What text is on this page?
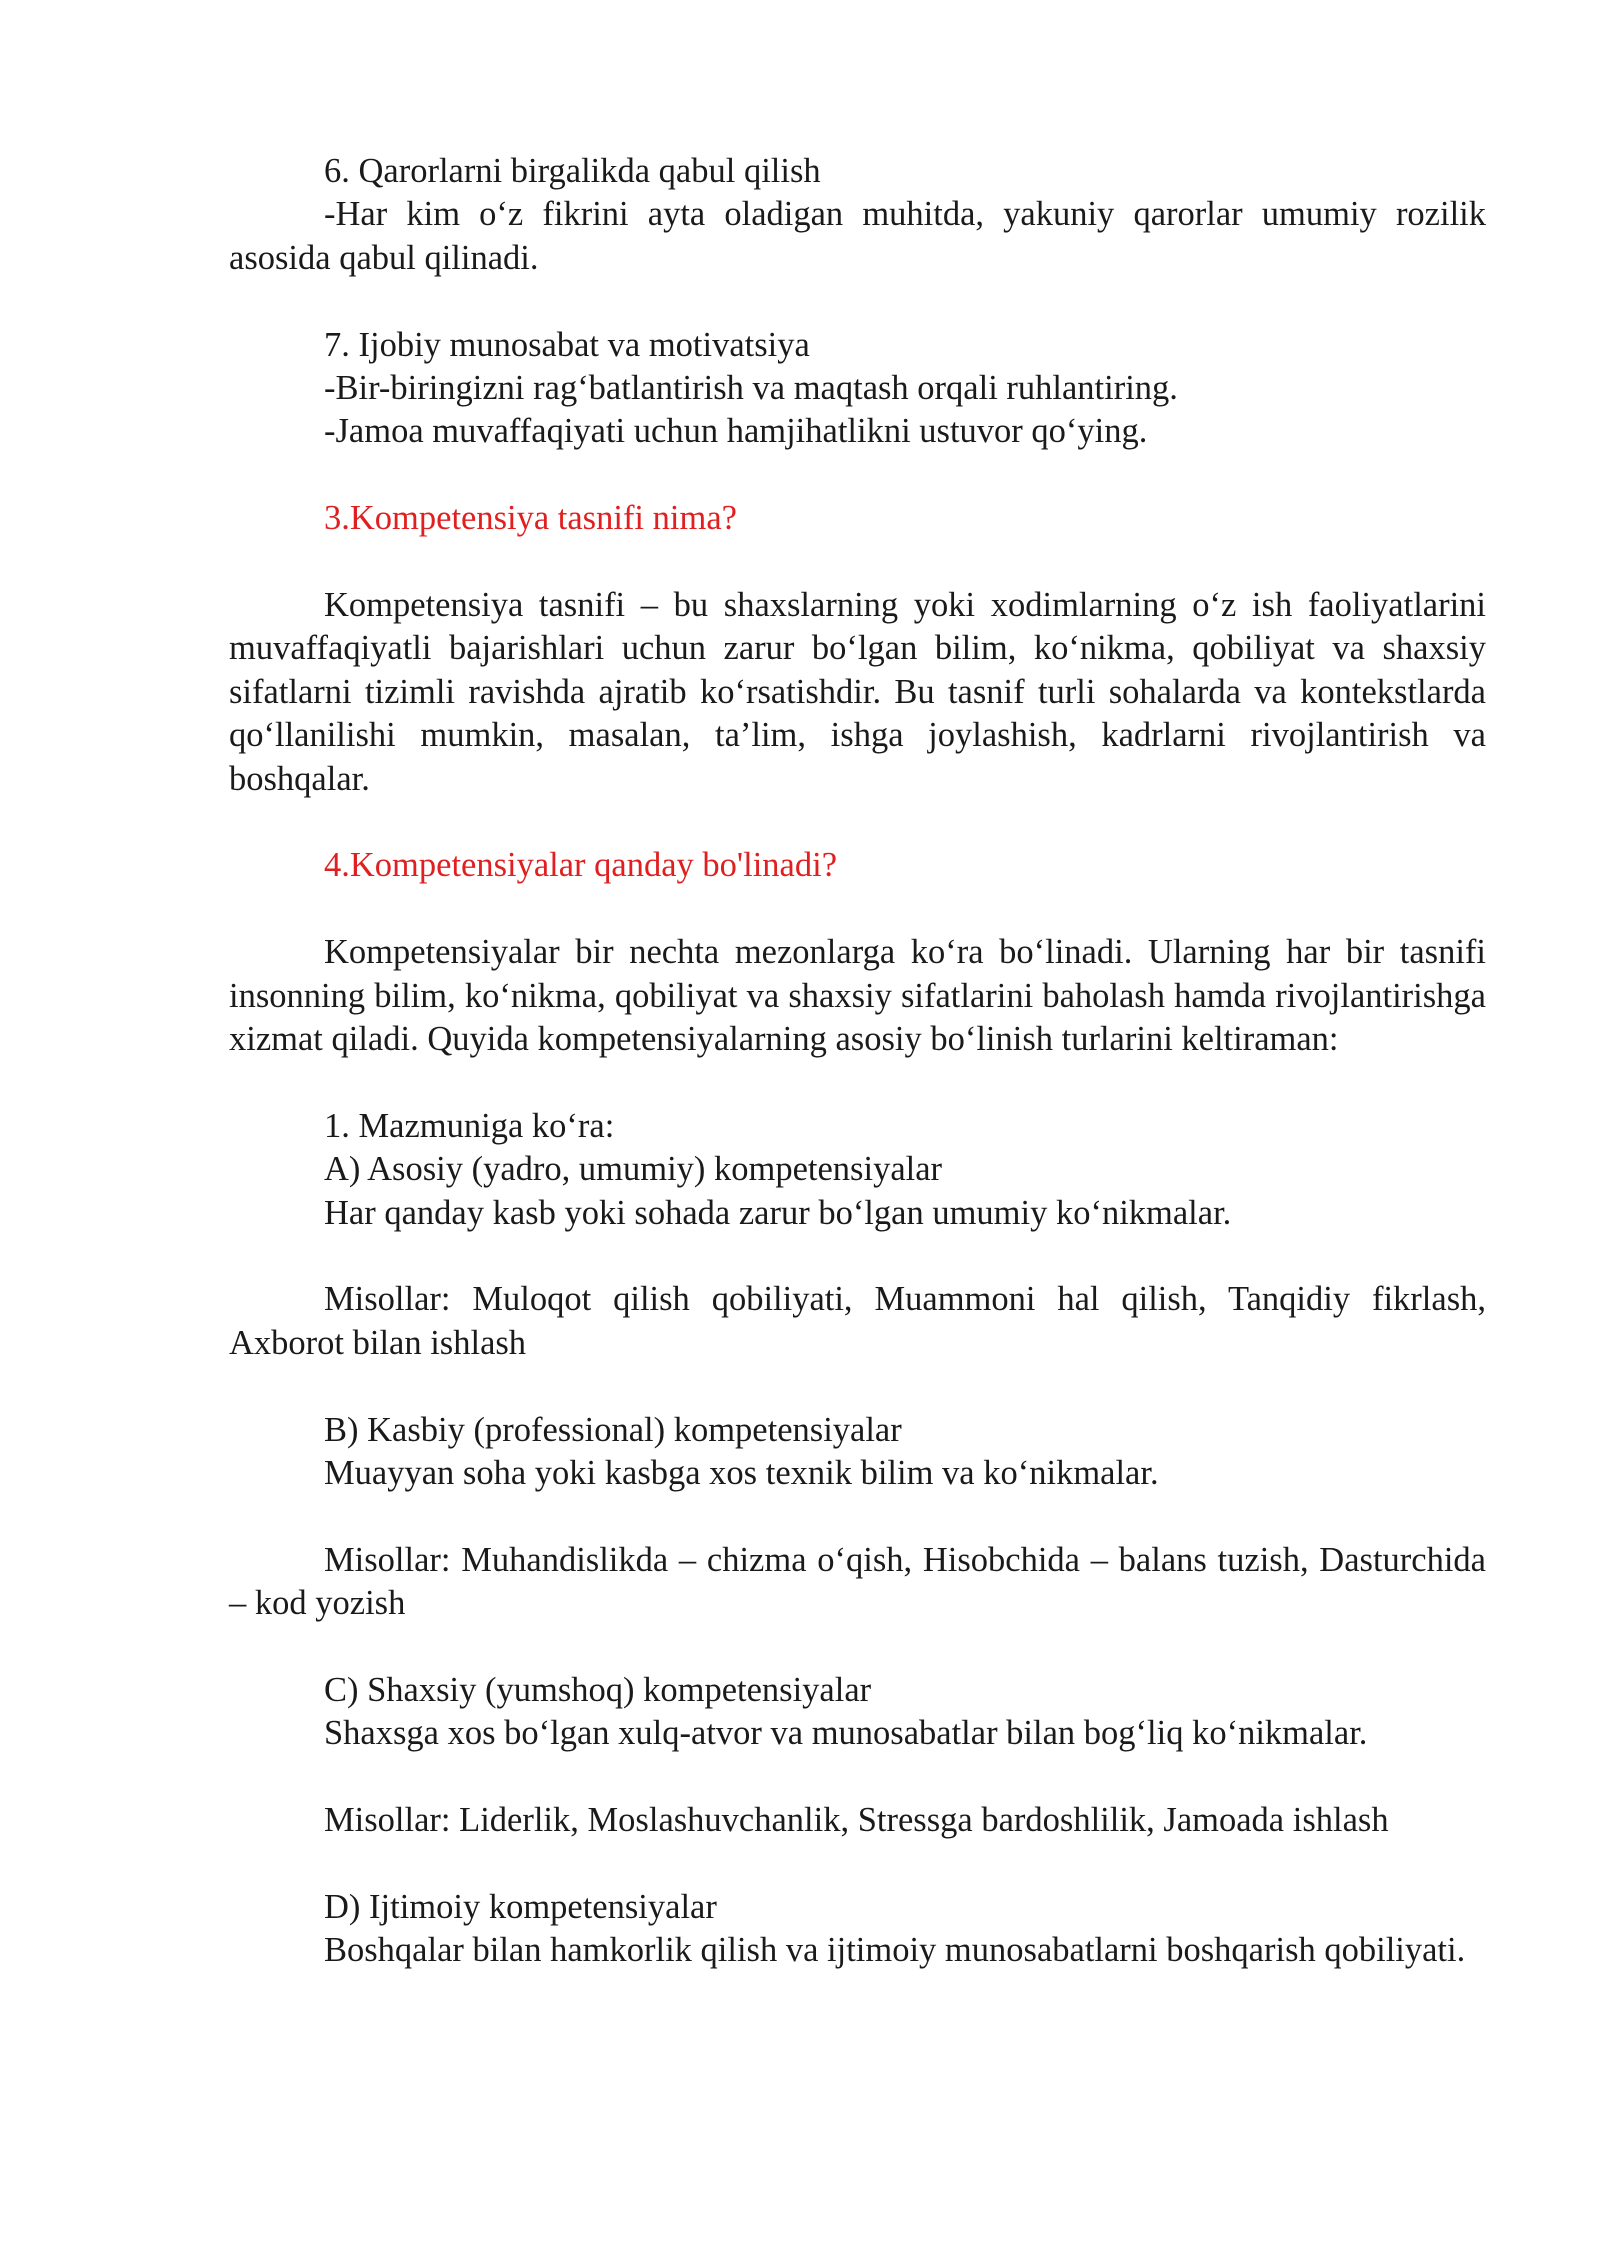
6. Qarorlarni birgalikda qabul qilish

-Har kim o‘z fikrini ayta oladigan muhitda, yakuniy qarorlar umumiy rozilik asosida qabul qilinadi.

7. Ijobiy munosabat va motivatsiya

-Bir-biringizni rag‘batlantirish va maqtash orqali ruhlantiring.

-Jamoa muvaffaqiyati uchun hamjihatlikni ustuvor qo‘ying.

3.Kompetensiya tasnifi nima?

Kompetensiya tasnifi – bu shaxslarning yoki xodimlarning o‘z ish faoliyatlarini muvaffaqiyatli bajarishlari uchun zarur bo‘lgan bilim, ko‘nikma, qobiliyat va shaxsiy sifatlarni tizimli ravishda ajratib ko‘rsatishdir. Bu tasnif turli sohalarda va kontekstlarda qo‘llanilishi mumkin, masalan, ta’lim, ishga joylashish, kadrlarni rivojlantirish va boshqalar.

4.Kompetensiyalar qanday bo'linadi?

Kompetensiyalar bir nechta mezonlarga ko‘ra bo‘linadi. Ularning har bir tasnifi insonning bilim, ko‘nikma, qobiliyat va shaxsiy sifatlarini baholash hamda rivojlantirishga xizmat qiladi. Quyida kompetensiyalarning asosiy bo‘linish turlarini keltiraman:

1. Mazmuniga ko‘ra:

A) Asosiy (yadro, umumiy) kompetensiyalar

Har qanday kasb yoki sohada zarur bo‘lgan umumiy ko‘nikmalar.

Misollar: Muloqot qilish qobiliyati, Muammoni hal qilish, Tanqidiy fikrlash, Axborot bilan ishlash

B) Kasbiy (professional) kompetensiyalar

Muayyan soha yoki kasbga xos texnik bilim va ko‘nikmalar.

Misollar: Muhandislikda – chizma o‘qish, Hisobchida – balans tuzish, Dasturchida – kod yozish

C) Shaxsiy (yumshoq) kompetensiyalar

Shaxsga xos bo‘lgan xulq-atvor va munosabatlar bilan bog‘liq ko‘nikmalar.

Misollar: Liderlik, Moslashuvchanlik, Stressga bardoshlilik, Jamoada ishlash

D) Ijtimoiy kompetensiyalar

Boshqalar bilan hamkorlik qilish va ijtimoiy munosabatlarni boshqarish qobiliyati.
